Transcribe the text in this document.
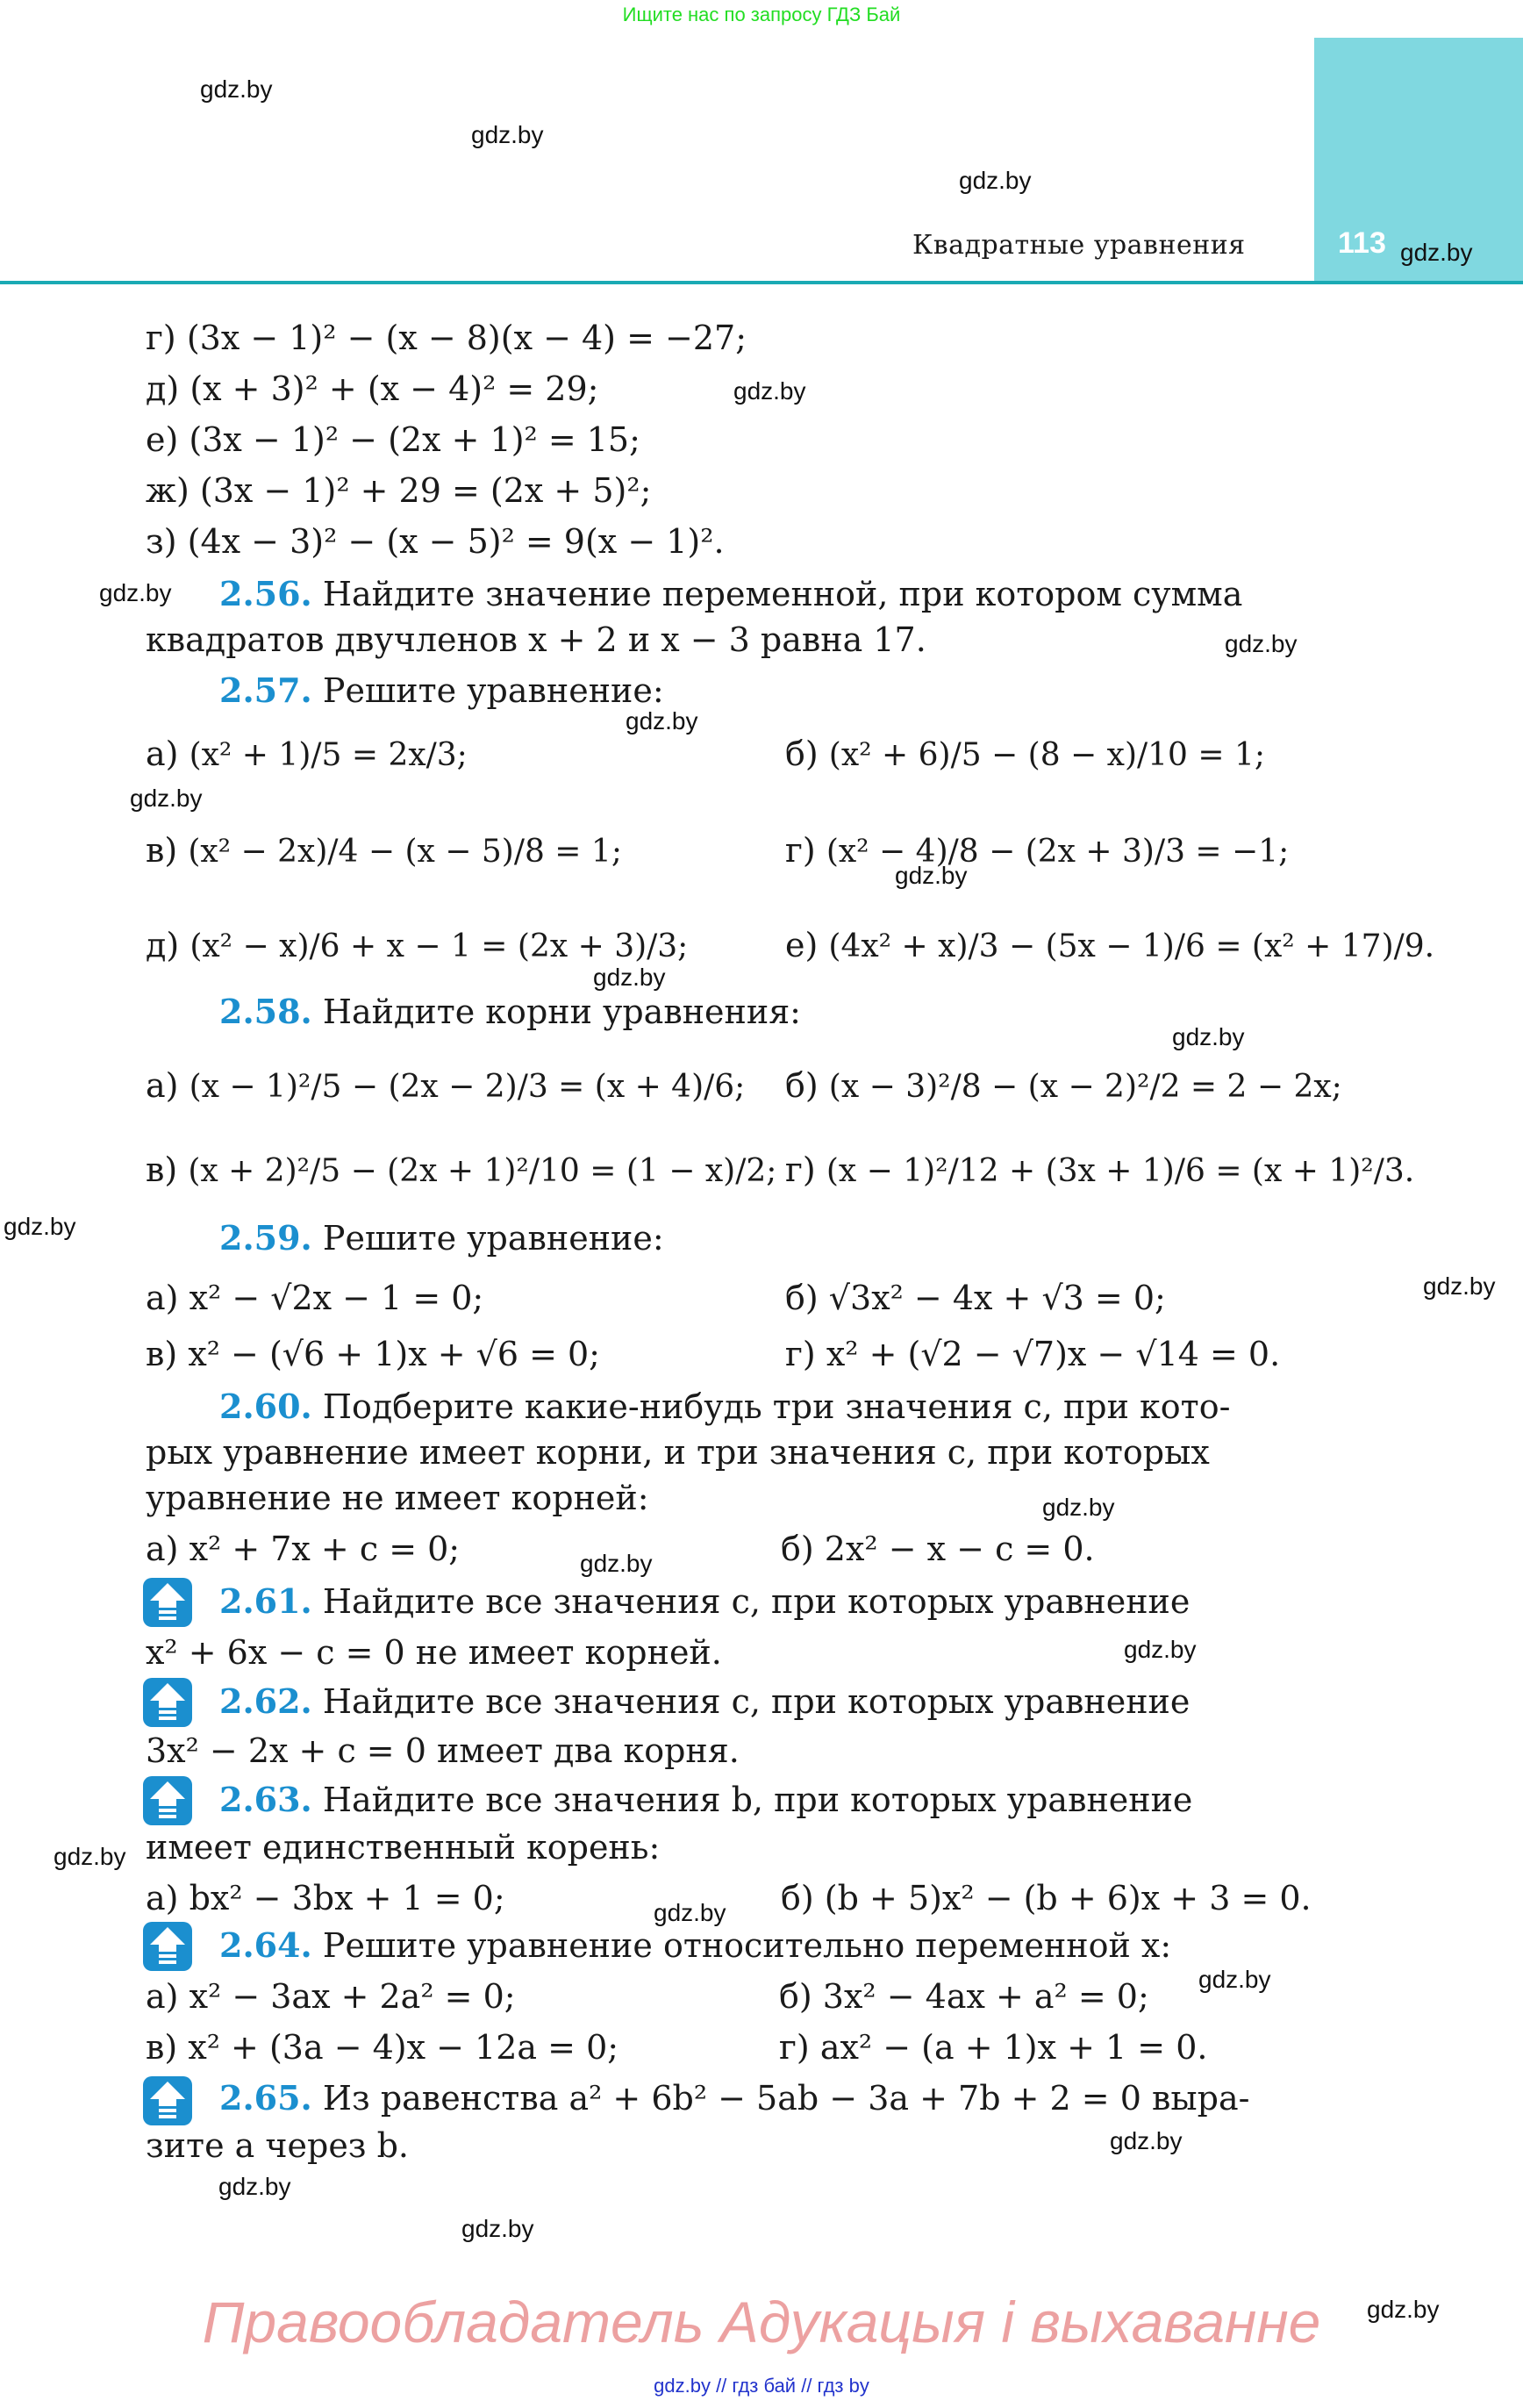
Ищите нас по запросу ГДЗ Бай
Квадратные уравнения	113
gdz.by
gdz.by
gdz.by
gdz.by
gdz.by
gdz.by
gdz.by
gdz.by
gdz.by
gdz.by
gdz.by
gdz.by
gdz.by
gdz.by
gdz.by
gdz.by
gdz.by
gdz.by
gdz.by
gdz.by
gdz.by
gdz.by
gdz.by
gdz.by
г) (3x − 1)² − (x − 8)(x − 4) = −27;
д) (x + 3)² + (x − 4)² = 29;
е) (3x − 1)² − (2x + 1)² = 15;
ж) (3x − 1)² + 29 = (2x + 5)²;
з) (4x − 3)² − (x − 5)² = 9(x − 1)².
2.56. Найдите значение переменной, при котором сумма
квадратов двучленов x + 2 и x − 3 равна 17.
2.57. Решите уравнение:
а) (x² + 1)/5 = 2x/3;	б) (x² + 6)/5 − (8 − x)/10 = 1;
в) (x² − 2x)/4 − (x − 5)/8 = 1;	г) (x² − 4)/8 − (2x + 3)/3 = −1;
д) (x² − x)/6 + x − 1 = (2x + 3)/3;	е) (4x² + x)/3 − (5x − 1)/6 = (x² + 17)/9.
2.58. Найдите корни уравнения:
а) (x − 1)²/5 − (2x − 2)/3 = (x + 4)/6; б) (x − 3)²/8 − (x − 2)²/2 = 2 − 2x;
в) (x + 2)²/5 − (2x + 1)²/10 = (1 − x)/2; г) (x − 1)²/12 + (3x + 1)/6 = (x + 1)²/3.
2.59. Решите уравнение:
а) x² − √2x − 1 = 0;	б) √3x² − 4x + √3 = 0;
в) x² − (√6 + 1)x + √6 = 0;	г) x² + (√2 − √7)x − √14 = 0.
2.60. Подберите какие-нибудь три значения c, при кото-
рых уравнение имеет корни, и три значения c, при которых
уравнение не имеет корней:
а) x² + 7x + c = 0;	б) 2x² − x − c = 0.
2.61. Найдите все значения c, при которых уравнение
x² + 6x − c = 0 не имеет корней.
2.62. Найдите все значения c, при которых уравнение
3x² − 2x + c = 0 имеет два корня.
2.63. Найдите все значения b, при которых уравнение
имеет единственный корень:
а) bx² − 3bx + 1 = 0;	б) (b + 5)x² − (b + 6)x + 3 = 0.
2.64. Решите уравнение относительно переменной x:
а) x² − 3ax + 2a² = 0;	б) 3x² − 4ax + a² = 0;
в) x² + (3a − 4)x − 12a = 0;	г) ax² − (a + 1)x + 1 = 0.
2.65. Из равенства a² + 6b² − 5ab − 3a + 7b + 2 = 0 выра-
зите a через b.
Правообладатель Адукацыя і выхаванне
gdz.by // гдз бай // гдз by
